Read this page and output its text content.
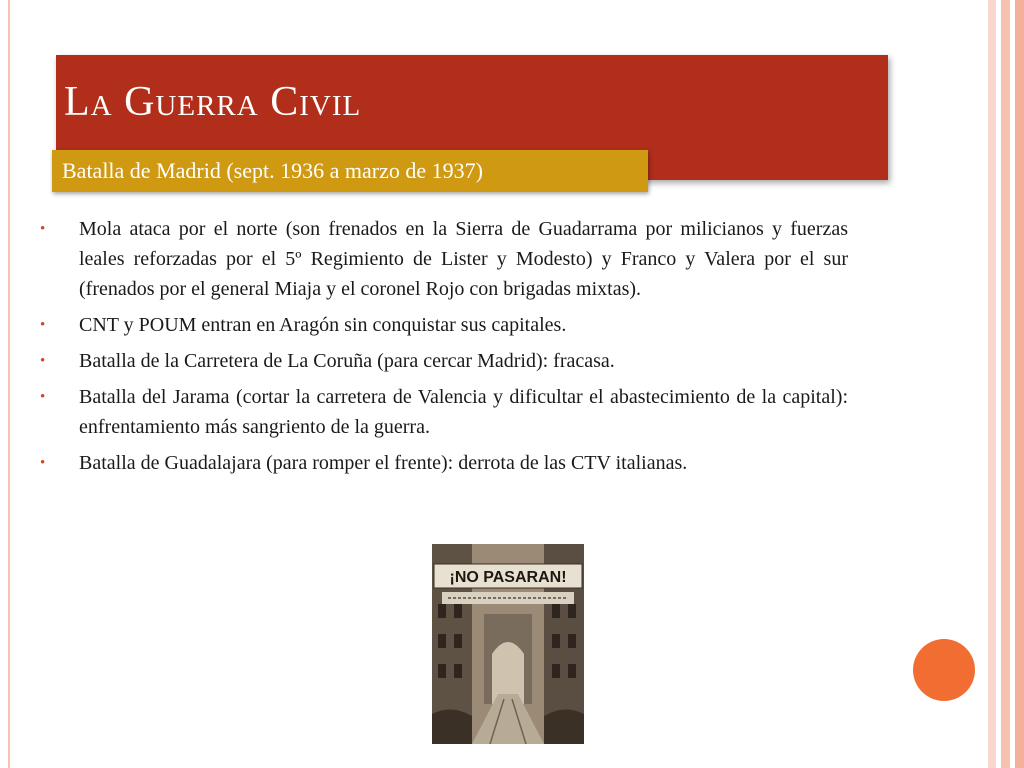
La Guerra Civil

Batalla de Madrid (sept. 1936 a marzo de 1937)

•	Mola ataca por el norte (son frenados en la Sierra de Guadarrama por milicianos y fuerzas leales reforzadas por el 5º Regimiento de Lister y Modesto) y Franco y Valera por el sur (frenados por el general Miaja y el coronel Rojo con brigadas mixtas).
•	CNT y POUM entran en Aragón sin conquistar sus capitales.
•	Batalla de la Carretera de La Coruña (para cercar Madrid): fracasa.
•	Batalla del Jarama (cortar la carretera de Valencia y dificultar el abastecimiento de la capital): enfrentamiento más sangriento de la guerra.
•	Batalla de Guadalajara (para romper el frente): derrota de las CTV italianas.
¡NO PASARAN!
